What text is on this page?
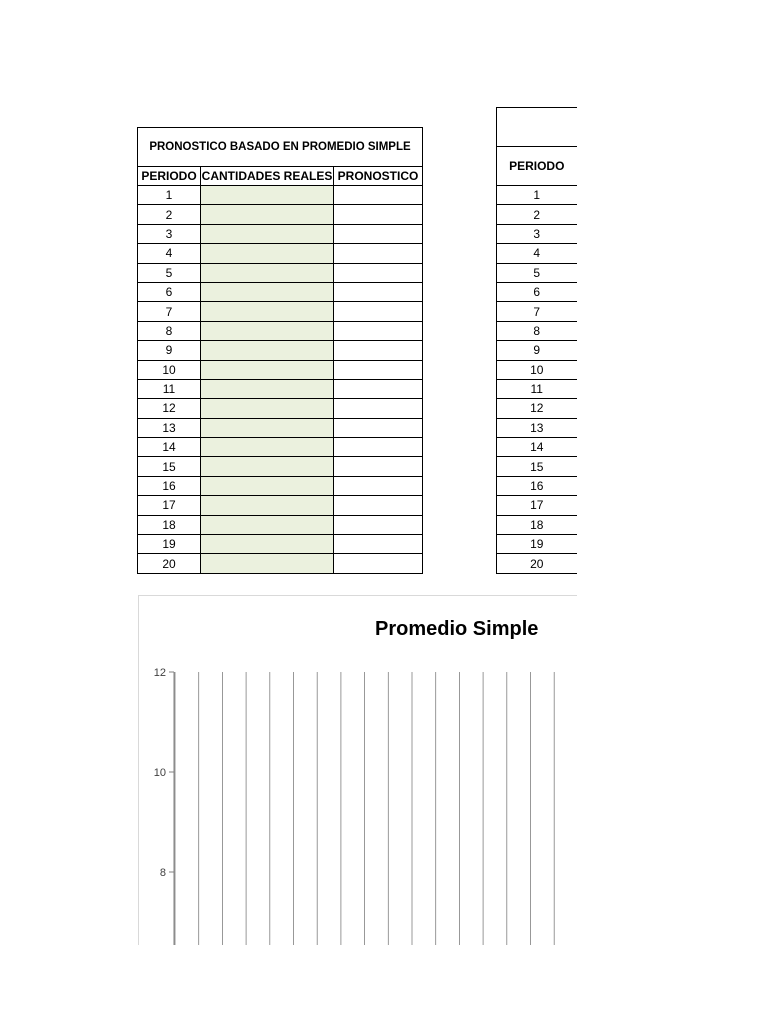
PRONOSTICO BASADO EN PROMEDIO SIMPLE		
PERIODO	CANTIDADES REALES	PRONOSTICO
1		
2		
3		
4		
5		
6		
7		
8		
9		
10		
11		
12		
13		
14		
15		
16		
17		
18		
19		
20		

PERIODO
1
2
3
4
5
6
7
8
9
10
11
12
13
14
15
16
17
18
19
20
Promedio Simple
12
10
8
